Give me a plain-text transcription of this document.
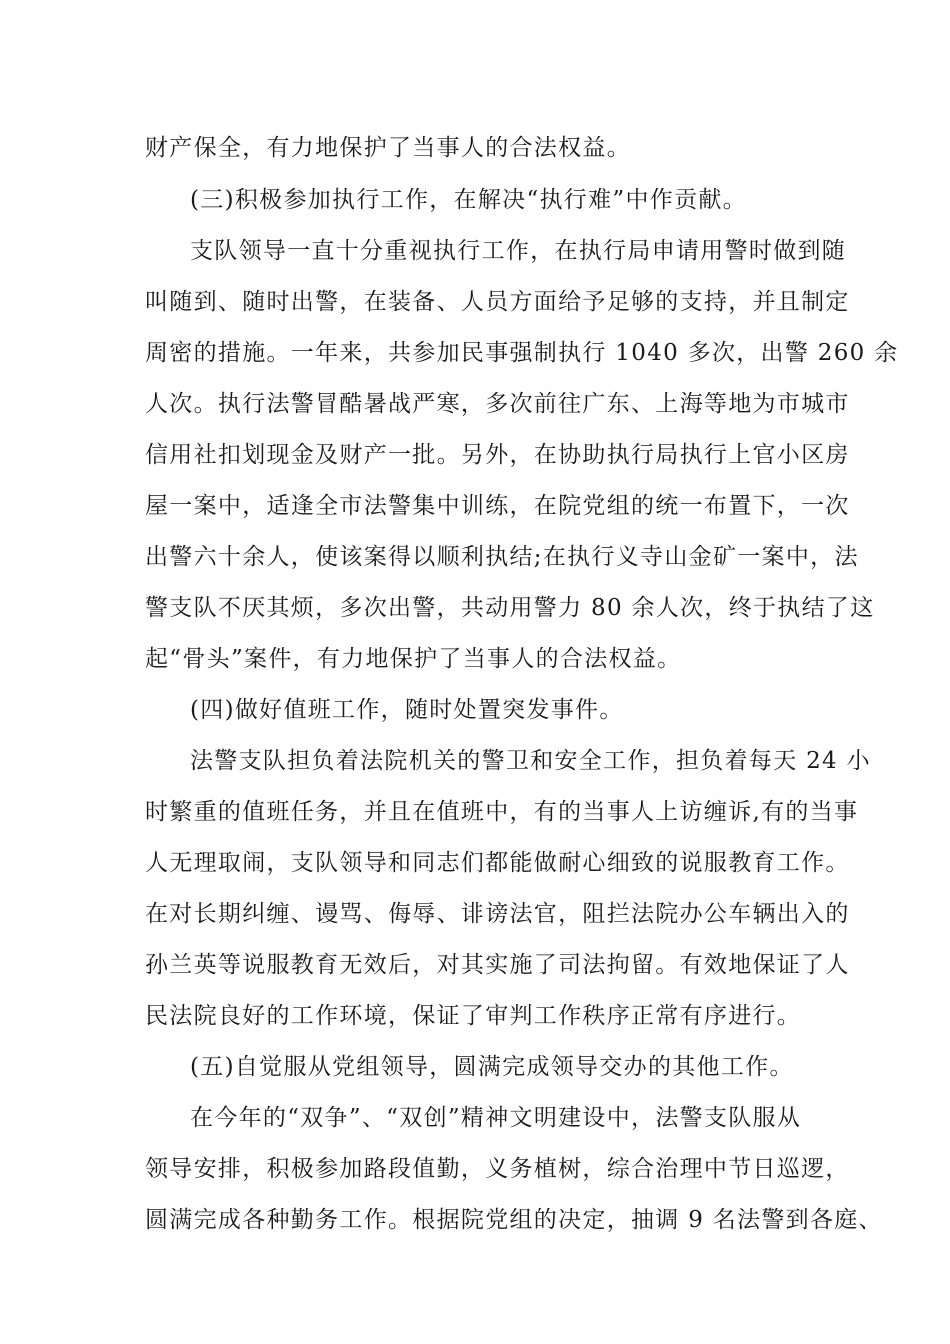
财产保全，有力地保护了当事人的合法权益。
(三)积极参加执行工作，在解决“执行难”中作贡献。
支队领导一直十分重视执行工作，在执行局申请用警时做到随
叫随到、随时出警，在装备、人员方面给予足够的支持，并且制定
周密的措施。一年来，共参加民事强制执行 1040 多次，出警 260 余
人次。执行法警冒酷暑战严寒，多次前往广东、上海等地为市城市
信用社扣划现金及财产一批。另外，在协助执行局执行上官小区房
屋一案中，适逢全市法警集中训练，在院党组的统一布置下，一次
出警六十余人，使该案得以顺利执结;在执行义寺山金矿一案中，法
警支队不厌其烦，多次出警，共动用警力 80 余人次，终于执结了这
起“骨头”案件，有力地保护了当事人的合法权益。
(四)做好值班工作，随时处置突发事件。
法警支队担负着法院机关的警卫和安全工作，担负着每天 24 小
时繁重的值班任务，并且在值班中，有的当事人上访缠诉,有的当事
人无理取闹，支队领导和同志们都能做耐心细致的说服教育工作。
在对长期纠缠、谩骂、侮辱、诽谤法官，阻拦法院办公车辆出入的
孙兰英等说服教育无效后，对其实施了司法拘留。有效地保证了人
民法院良好的工作环境，保证了审判工作秩序正常有序进行。
(五)自觉服从党组领导，圆满完成领导交办的其他工作。
在今年的“双争”、“双创”精神文明建设中，法警支队服从
领导安排，积极参加路段值勤，义务植树，综合治理中节日巡逻，
圆满完成各种勤务工作。根据院党组的决定，抽调 9 名法警到各庭、
